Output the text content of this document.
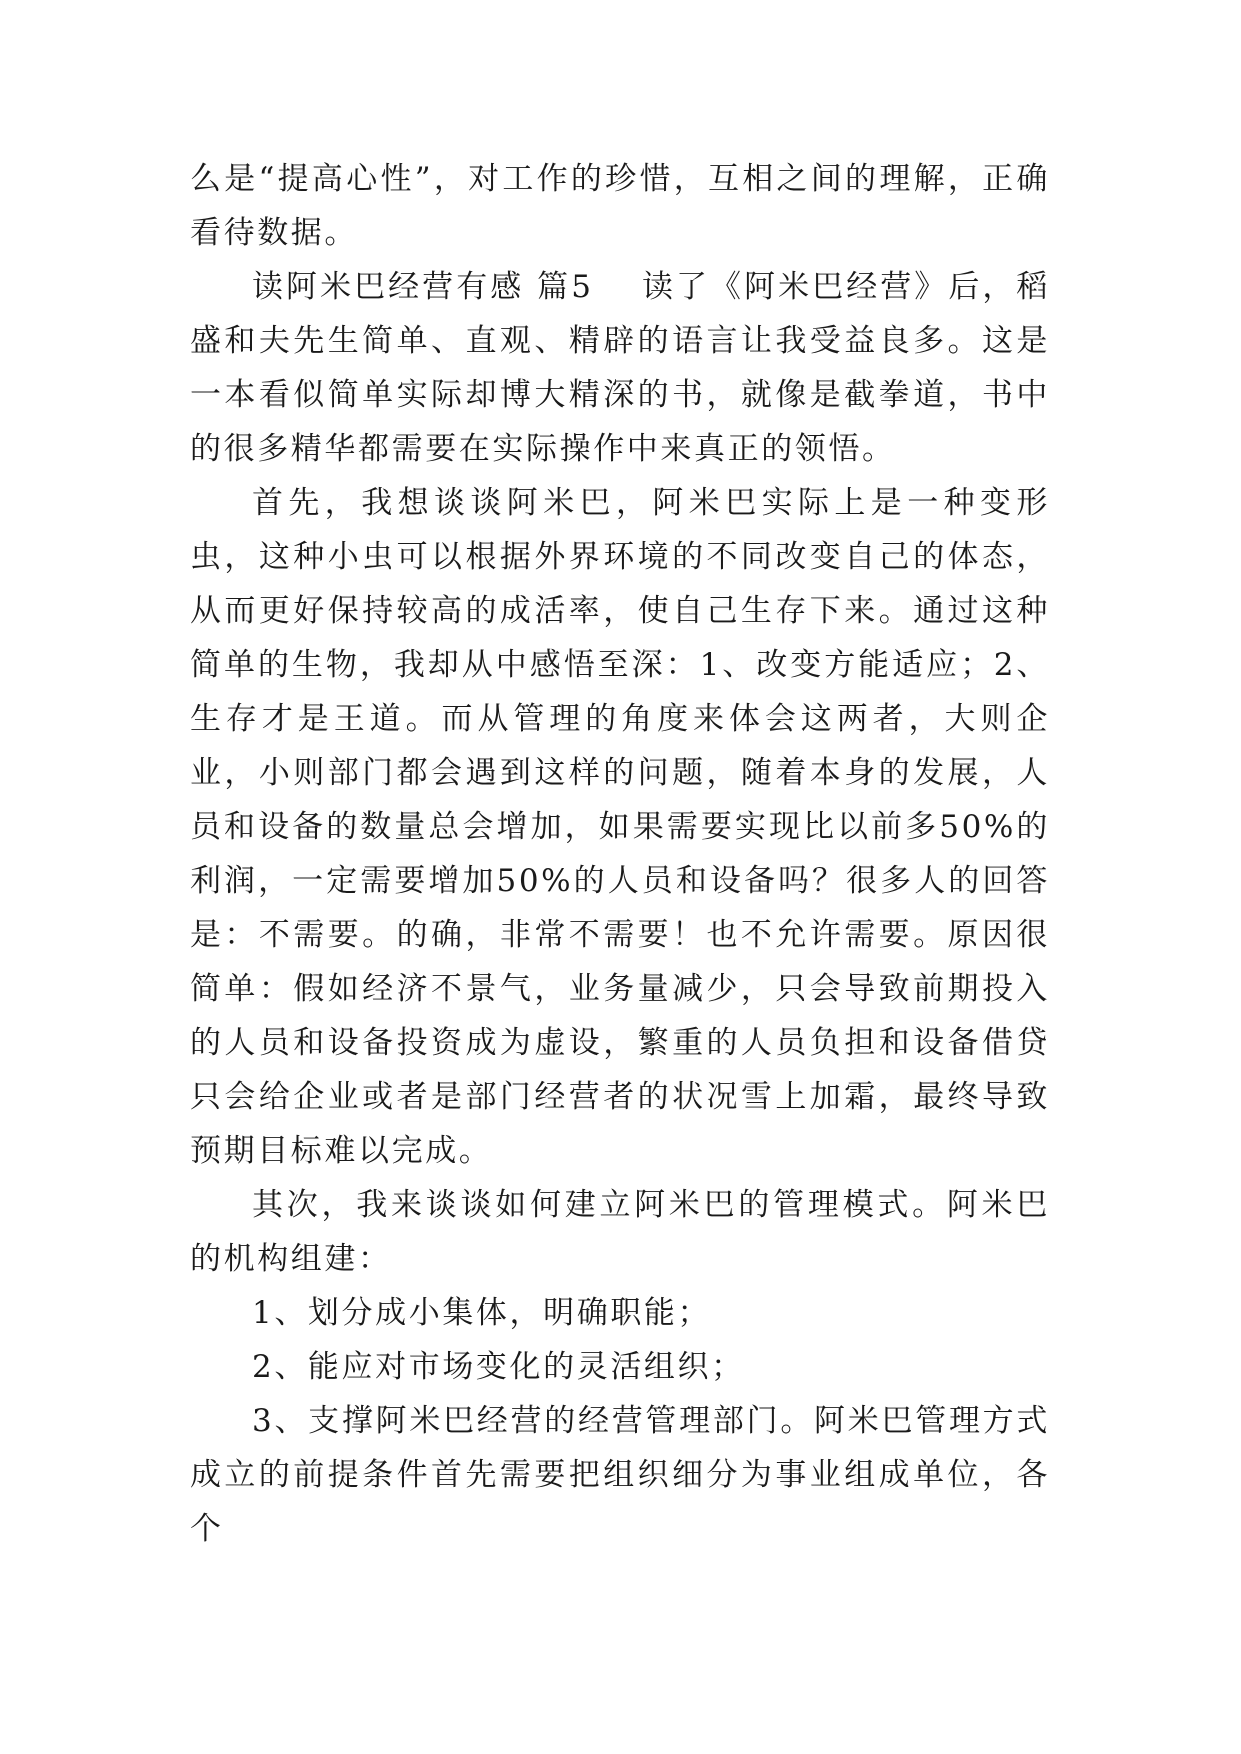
么是“提高心性”，对工作的珍惜，互相之间的理解，正确看待数据。

读阿米巴经营有感 篇5 读了《阿米巴经营》后，稻盛和夫先生简单、直观、精辟的语言让我受益良多。这是一本看似简单实际却博大精深的书，就像是截拳道，书中的很多精华都需要在实际操作中来真正的领悟。

首先，我想谈谈阿米巴，阿米巴实际上是一种变形虫，这种小虫可以根据外界环境的不同改变自己的体态，从而更好保持较高的成活率，使自己生存下来。通过这种简单的生物，我却从中感悟至深：1、改变方能适应；2、生存才是王道。而从管理的角度来体会这两者，大则企业，小则部门都会遇到这样的问题，随着本身的发展，人员和设备的数量总会增加，如果需要实现比以前多50%的利润，一定需要增加50%的人员和设备吗？很多人的回答是：不需要。的确，非常不需要！也不允许需要。原因很简单：假如经济不景气，业务量减少，只会导致前期投入的人员和设备投资成为虚设，繁重的人员负担和设备借贷只会给企业或者是部门经营者的状况雪上加霜，最终导致预期目标难以完成。

其次，我来谈谈如何建立阿米巴的管理模式。阿米巴的机构组建：

1、划分成小集体，明确职能；

2、能应对市场变化的灵活组织；

3、支撑阿米巴经营的经营管理部门。阿米巴管理方式成立的前提条件首先需要把组织细分为事业组成单位，各个
